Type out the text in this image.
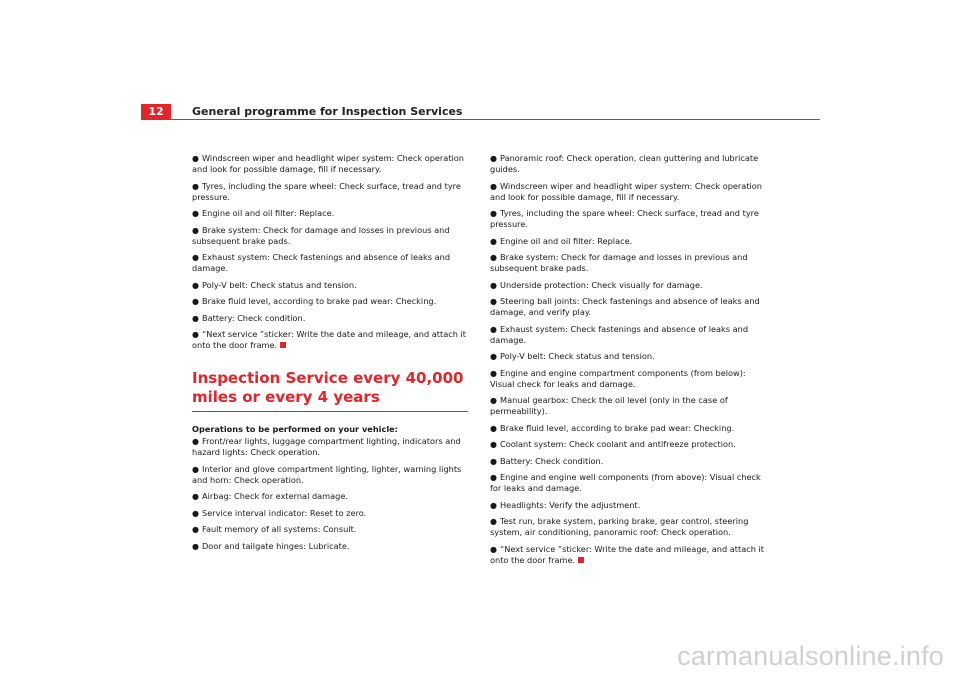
12	General programme for Inspection Services
● Windscreen wiper and headlight wiper system: Check operation and look for possible damage, fill if necessary.
● Tyres, including the spare wheel: Check surface, tread and tyre pressure.
● Engine oil and oil filter: Replace.
● Brake system: Check for damage and losses in previous and subsequent brake pads.
● Exhaust system: Check fastenings and absence of leaks and damage.
● Poly-V belt: Check status and tension.
● Brake fluid level, according to brake pad wear: Checking.
● Battery: Check condition.
● “Next service ”sticker: Write the date and mileage, and attach it onto the door frame.
Inspection Service every 40,000 miles or every 4 years
Operations to be performed on your vehicle:
● Front/rear lights, luggage compartment lighting, indicators and hazard lights: Check operation.
● Interior and glove compartment lighting, lighter, warning lights and horn: Check operation.
● Airbag: Check for external damage.
● Service interval indicator: Reset to zero.
● Fault memory of all systems: Consult.
● Door and tailgate hinges: Lubricate.
● Panoramic roof: Check operation, clean guttering and lubricate guides.
● Windscreen wiper and headlight wiper system: Check operation and look for possible damage, fill if necessary.
● Tyres, including the spare wheel: Check surface, tread and tyre pressure.
● Engine oil and oil filter: Replace.
● Brake system: Check for damage and losses in previous and subsequent brake pads.
● Underside protection: Check visually for damage.
● Steering ball joints: Check fastenings and absence of leaks and damage, and verify play.
● Exhaust system: Check fastenings and absence of leaks and damage.
● Poly-V belt: Check status and tension.
● Engine and engine compartment components (from below): Visual check for leaks and damage.
● Manual gearbox: Check the oil level (only in the case of permeability).
● Brake fluid level, according to brake pad wear: Checking.
● Coolant system: Check coolant and antifreeze protection.
● Battery: Check condition.
● Engine and engine well components (from above): Visual check for leaks and damage.
● Headlights: Verify the adjustment.
● Test run, brake system, parking brake, gear control, steering system, air conditioning, panoramic roof: Check operation.
● “Next service ”sticker: Write the date and mileage, and attach it onto the door frame.
carmanualsonline.info
